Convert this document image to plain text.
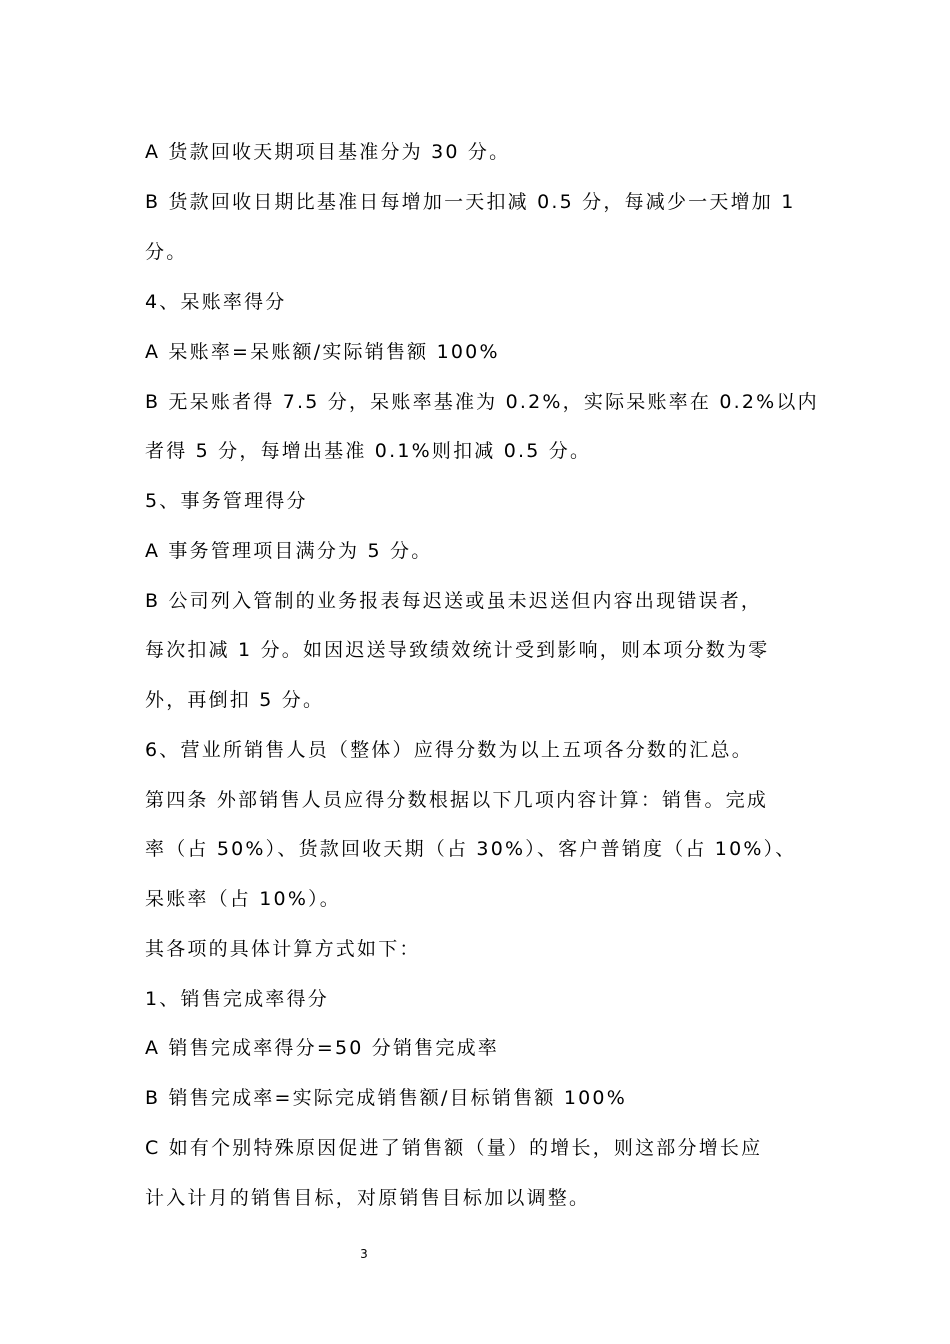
A 货款回收天期项目基准分为 30 分。
B 货款回收日期比基准日每增加一天扣减 0.5 分，每减少一天增加 1
分。
4、呆账率得分
A 呆账率=呆账额/实际销售额 100%
B 无呆账者得 7.5 分，呆账率基准为 0.2%，实际呆账率在 0.2%以内
者得 5 分，每增出基准 0.1%则扣减 0.5 分。
5、事务管理得分
A 事务管理项目满分为 5 分。
B 公司列入管制的业务报表每迟送或虽未迟送但内容出现错误者，
每次扣减 1 分。如因迟送导致绩效统计受到影响，则本项分数为零
外，再倒扣 5 分。
6、营业所销售人员（整体）应得分数为以上五项各分数的汇总。
第四条 外部销售人员应得分数根据以下几项内容计算：销售。完成
率（占 50%）、货款回收天期（占 30%）、客户普销度（占 10%）、
呆账率（占 10%）。
其各项的具体计算方式如下：
1、销售完成率得分
A 销售完成率得分=50 分销售完成率
B 销售完成率=实际完成销售额/目标销售额 100%
C 如有个别特殊原因促进了销售额（量）的增长，则这部分增长应
计入计月的销售目标，对原销售目标加以调整。
3
